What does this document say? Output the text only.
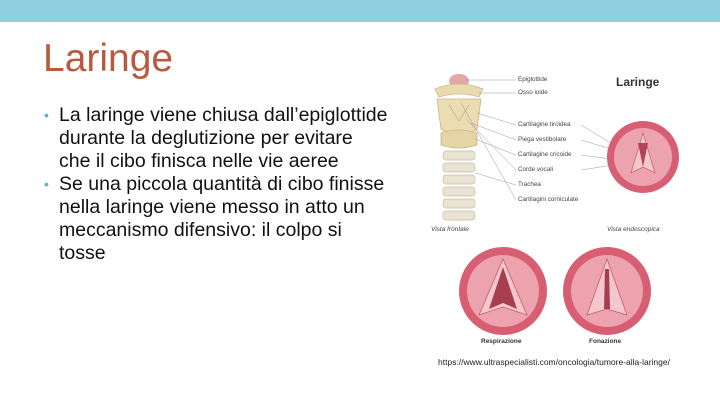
Laringe
• La laringe viene chiusa dall’epiglottide durante la deglutizione per evitare che il cibo finisca nelle vie aeree
• Se una piccola quantità di cibo finisse nella laringe viene messo in atto un meccanismo difensivo: il colpo si tosse
Laringe
Epiglottide
Osso ioide
Cartilagine tiroidea
Piega vestibolare
Cartilagine cricoide
Corde vocali
Trachea
Cartilagini corniculate
Vista frontale	Vista endoscopica
Respirazione	Fonazione
https://www.ultraspecialisti.com/oncologia/tumore-alla-laringe/
